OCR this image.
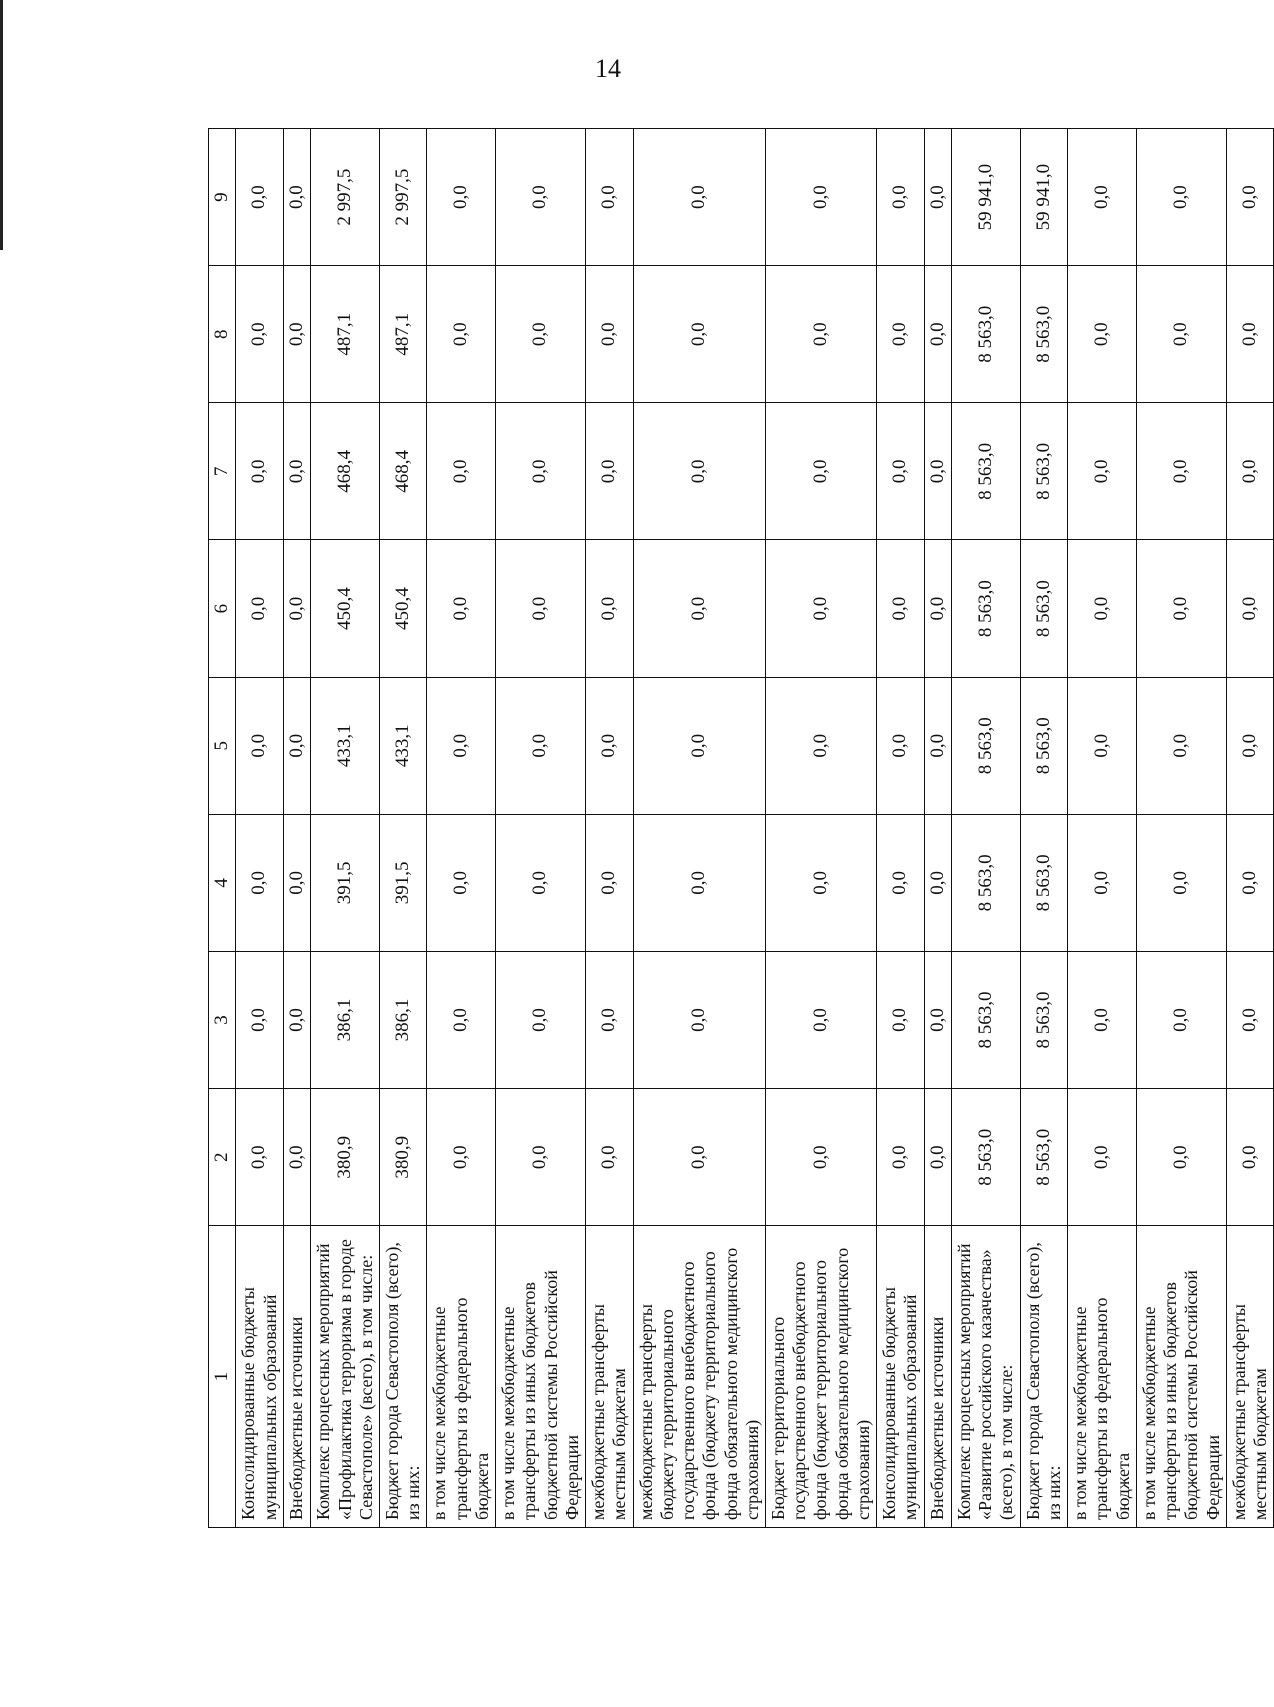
14
1	2	3	4	5	6	7	8	9
Консолидированные бюджеты муниципальных образований	0,0	0,0	0,0	0,0	0,0	0,0	0,0	0,0
Внебюджетные источники	0,0	0,0	0,0	0,0	0,0	0,0	0,0	0,0
Комплекс процессных мероприятий «Профилактика терроризма в городе Севастополе» (всего), в том числе:	380,9	386,1	391,5	433,1	450,4	468,4	487,1	2 997,5
Бюджет города Севастополя (всего), из них:	380,9	386,1	391,5	433,1	450,4	468,4	487,1	2 997,5
в том числе межбюджетные трансферты из федерального бюджета	0,0	0,0	0,0	0,0	0,0	0,0	0,0	0,0
в том числе межбюджетные трансферты из иных бюджетов бюджетной системы Российской Федерации	0,0	0,0	0,0	0,0	0,0	0,0	0,0	0,0
межбюджетные трансферты местным бюджетам	0,0	0,0	0,0	0,0	0,0	0,0	0,0	0,0
межбюджетные трансферты бюджету территориального государственного внебюджетного фонда (бюджету территориального фонда обязательного медицинского страхования)	0,0	0,0	0,0	0,0	0,0	0,0	0,0	0,0
Бюджет территориального государственного внебюджетного фонда (бюджет территориального фонда обязательного медицинского страхования)	0,0	0,0	0,0	0,0	0,0	0,0	0,0	0,0
Консолидированные бюджеты муниципальных образований	0,0	0,0	0,0	0,0	0,0	0,0	0,0	0,0
Внебюджетные источники	0,0	0,0	0,0	0,0	0,0	0,0	0,0	0,0
Комплекс процессных мероприятий «Развитие российского казачества» (всего), в том числе:	8 563,0	8 563,0	8 563,0	8 563,0	8 563,0	8 563,0	8 563,0	59 941,0
Бюджет города Севастополя (всего), из них:	8 563,0	8 563,0	8 563,0	8 563,0	8 563,0	8 563,0	8 563,0	59 941,0
в том числе межбюджетные трансферты из федерального бюджета	0,0	0,0	0,0	0,0	0,0	0,0	0,0	0,0
в том числе межбюджетные трансферты из иных бюджетов бюджетной системы Российской Федерации	0,0	0,0	0,0	0,0	0,0	0,0	0,0	0,0
межбюджетные трансферты местным бюджетам	0,0	0,0	0,0	0,0	0,0	0,0	0,0	0,0
